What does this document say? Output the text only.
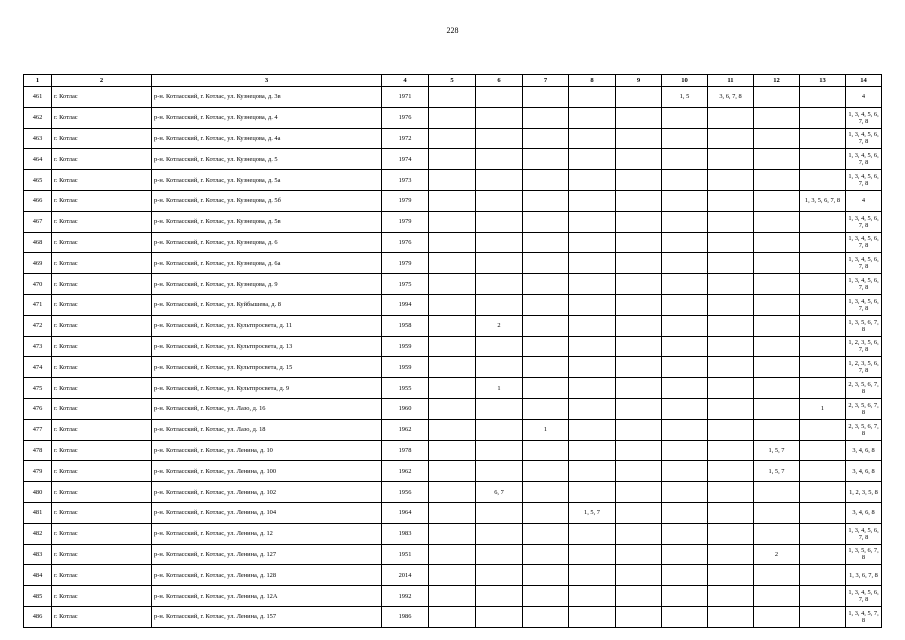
228
1	2	3	4	5	6	7	8	9	10	11	12	13	14
461	г. Котлас	р-н. Котласский, г. Котлас, ул. Кузнецова, д. 3в	1971						1, 5	3, 6, 7, 8			4
462	г. Котлас	р-н. Котласский, г. Котлас, ул. Кузнецова, д. 4	1976										1, 3, 4, 5, 6, 7, 8
463	г. Котлас	р-н. Котласский, г. Котлас, ул. Кузнецова, д. 4а	1972										1, 3, 4, 5, 6, 7, 8
464	г. Котлас	р-н. Котласский, г. Котлас, ул. Кузнецова, д. 5	1974										1, 3, 4, 5, 6, 7, 8
465	г. Котлас	р-н. Котласский, г. Котлас, ул. Кузнецова, д. 5а	1973										1, 3, 4, 5, 6, 7, 8
466	г. Котлас	р-н. Котласский, г. Котлас, ул. Кузнецова, д. 5б	1979									1, 3, 5, 6, 7, 8	4
467	г. Котлас	р-н. Котласский, г. Котлас, ул. Кузнецова, д. 5в	1979										1, 3, 4, 5, 6, 7, 8
468	г. Котлас	р-н. Котласский, г. Котлас, ул. Кузнецова, д. 6	1976										1, 3, 4, 5, 6, 7, 8
469	г. Котлас	р-н. Котласский, г. Котлас, ул. Кузнецова, д. 6а	1979										1, 3, 4, 5, 6, 7, 8
470	г. Котлас	р-н. Котласский, г. Котлас, ул. Кузнецова, д. 9	1975										1, 3, 4, 5, 6, 7, 8
471	г. Котлас	р-н. Котласский, г. Котлас, ул. Куйбышева, д. 8	1994										1, 3, 4, 5, 6, 7, 8
472	г. Котлас	р-н. Котласский, г. Котлас, ул. Культпросвета, д. 11	1958		2								1, 3, 5, 6, 7, 8
473	г. Котлас	р-н. Котласский, г. Котлас, ул. Культпросвета, д. 13	1959										1, 2, 3, 5, 6, 7, 8
474	г. Котлас	р-н. Котласский, г. Котлас, ул. Культпросвета, д. 15	1959										1, 2, 3, 5, 6, 7, 8
475	г. Котлас	р-н. Котласский, г. Котлас, ул. Культпросвета, д. 9	1955		1								2, 3, 5, 6, 7, 8
476	г. Котлас	р-н. Котласский, г. Котлас, ул. Лазо, д. 16	1960									1	2, 3, 5, 6, 7, 8
477	г. Котлас	р-н. Котласский, г. Котлас, ул. Лазо, д. 18	1962			1							2, 3, 5, 6, 7, 8
478	г. Котлас	р-н. Котласский, г. Котлас, ул. Ленина, д. 10	1978								1, 5, 7		3, 4, 6, 8
479	г. Котлас	р-н. Котласский, г. Котлас, ул. Ленина, д. 100	1962								1, 5, 7		3, 4, 6, 8
480	г. Котлас	р-н. Котласский, г. Котлас, ул. Ленина, д. 102	1956		6, 7								1, 2, 3, 5, 8
481	г. Котлас	р-н. Котласский, г. Котлас, ул. Ленина, д. 104	1964				1, 5, 7						3, 4, 6, 8
482	г. Котлас	р-н. Котласский, г. Котлас, ул. Ленина, д. 12	1983										1, 3, 4, 5, 6, 7, 8
483	г. Котлас	р-н. Котласский, г. Котлас, ул. Ленина, д. 127	1951								2		1, 3, 5, 6, 7, 8
484	г. Котлас	р-н. Котласский, г. Котлас, ул. Ленина, д. 128	2014										1, 3, 6, 7, 8
485	г. Котлас	р-н. Котласский, г. Котлас, ул. Ленина, д. 12А	1992										1, 3, 4, 5, 6, 7, 8
486	г. Котлас	р-н. Котласский, г. Котлас, ул. Ленина, д. 157	1986										1, 3, 4, 5, 7, 8
